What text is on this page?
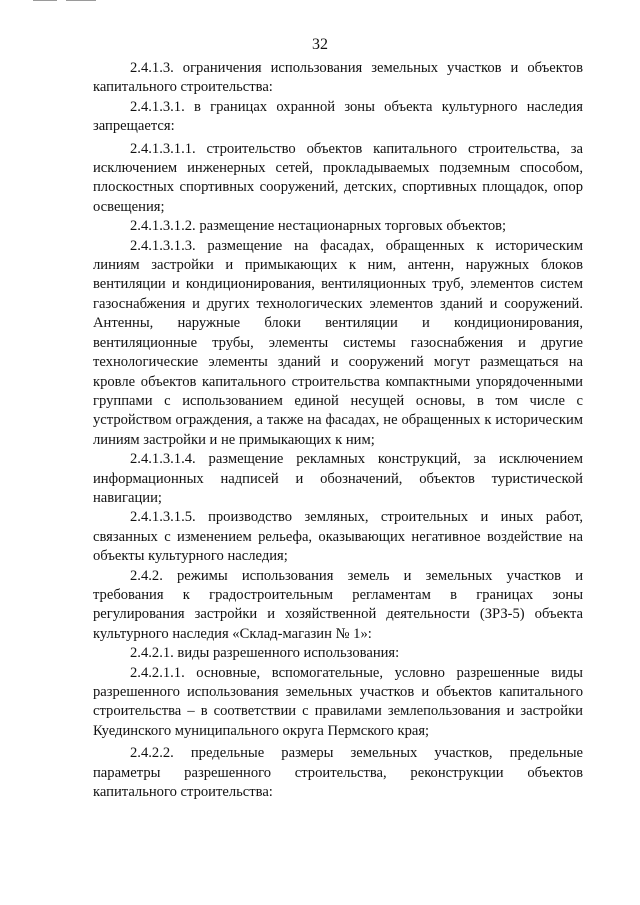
32

2.4.1.3. ограничения использования земельных участков и объектов капитального строительства:

2.4.1.3.1. в границах охранной зоны объекта культурного наследия запрещается:

2.4.1.3.1.1. строительство объектов капитального строительства, за исключением инженерных сетей, прокладываемых подземным способом, плоскостных спортивных сооружений, детских, спортивных площадок, опор освещения;

2.4.1.3.1.2. размещение нестационарных торговых объектов;

2.4.1.3.1.3. размещение на фасадах, обращенных к историческим линиям застройки и примыкающих к ним, антенн, наружных блоков вентиляции и кондиционирования, вентиляционных труб, элементов систем газоснабжения и других технологических элементов зданий и сооружений. Антенны, наружные блоки вентиляции и кондиционирования, вентиляционные трубы, элементы системы газоснабжения и другие технологические элементы зданий и сооружений могут размещаться на кровле объектов капитального строительства компактными упорядоченными группами с использованием единой несущей основы, в том числе с устройством ограждения, а также на фасадах, не обращенных к историческим линиям застройки и не примыкающих к ним;

2.4.1.3.1.4. размещение рекламных конструкций, за исключением информационных надписей и обозначений, объектов туристической навигации;

2.4.1.3.1.5. производство земляных, строительных и иных работ, связанных с изменением рельефа, оказывающих негативное воздействие на объекты культурного наследия;

2.4.2. режимы использования земель и земельных участков и требования к градостроительным регламентам в границах зоны регулирования застройки и хозяйственной деятельности (ЗРЗ-5) объекта культурного наследия «Склад-магазин № 1»:

2.4.2.1. виды разрешенного использования:

2.4.2.1.1. основные, вспомогательные, условно разрешенные виды разрешенного использования земельных участков и объектов капитального строительства – в соответствии с правилами землепользования и застройки Куединского муниципального округа Пермского края;

2.4.2.2. предельные размеры земельных участков, предельные параметры разрешенного строительства, реконструкции объектов капитального строительства:
